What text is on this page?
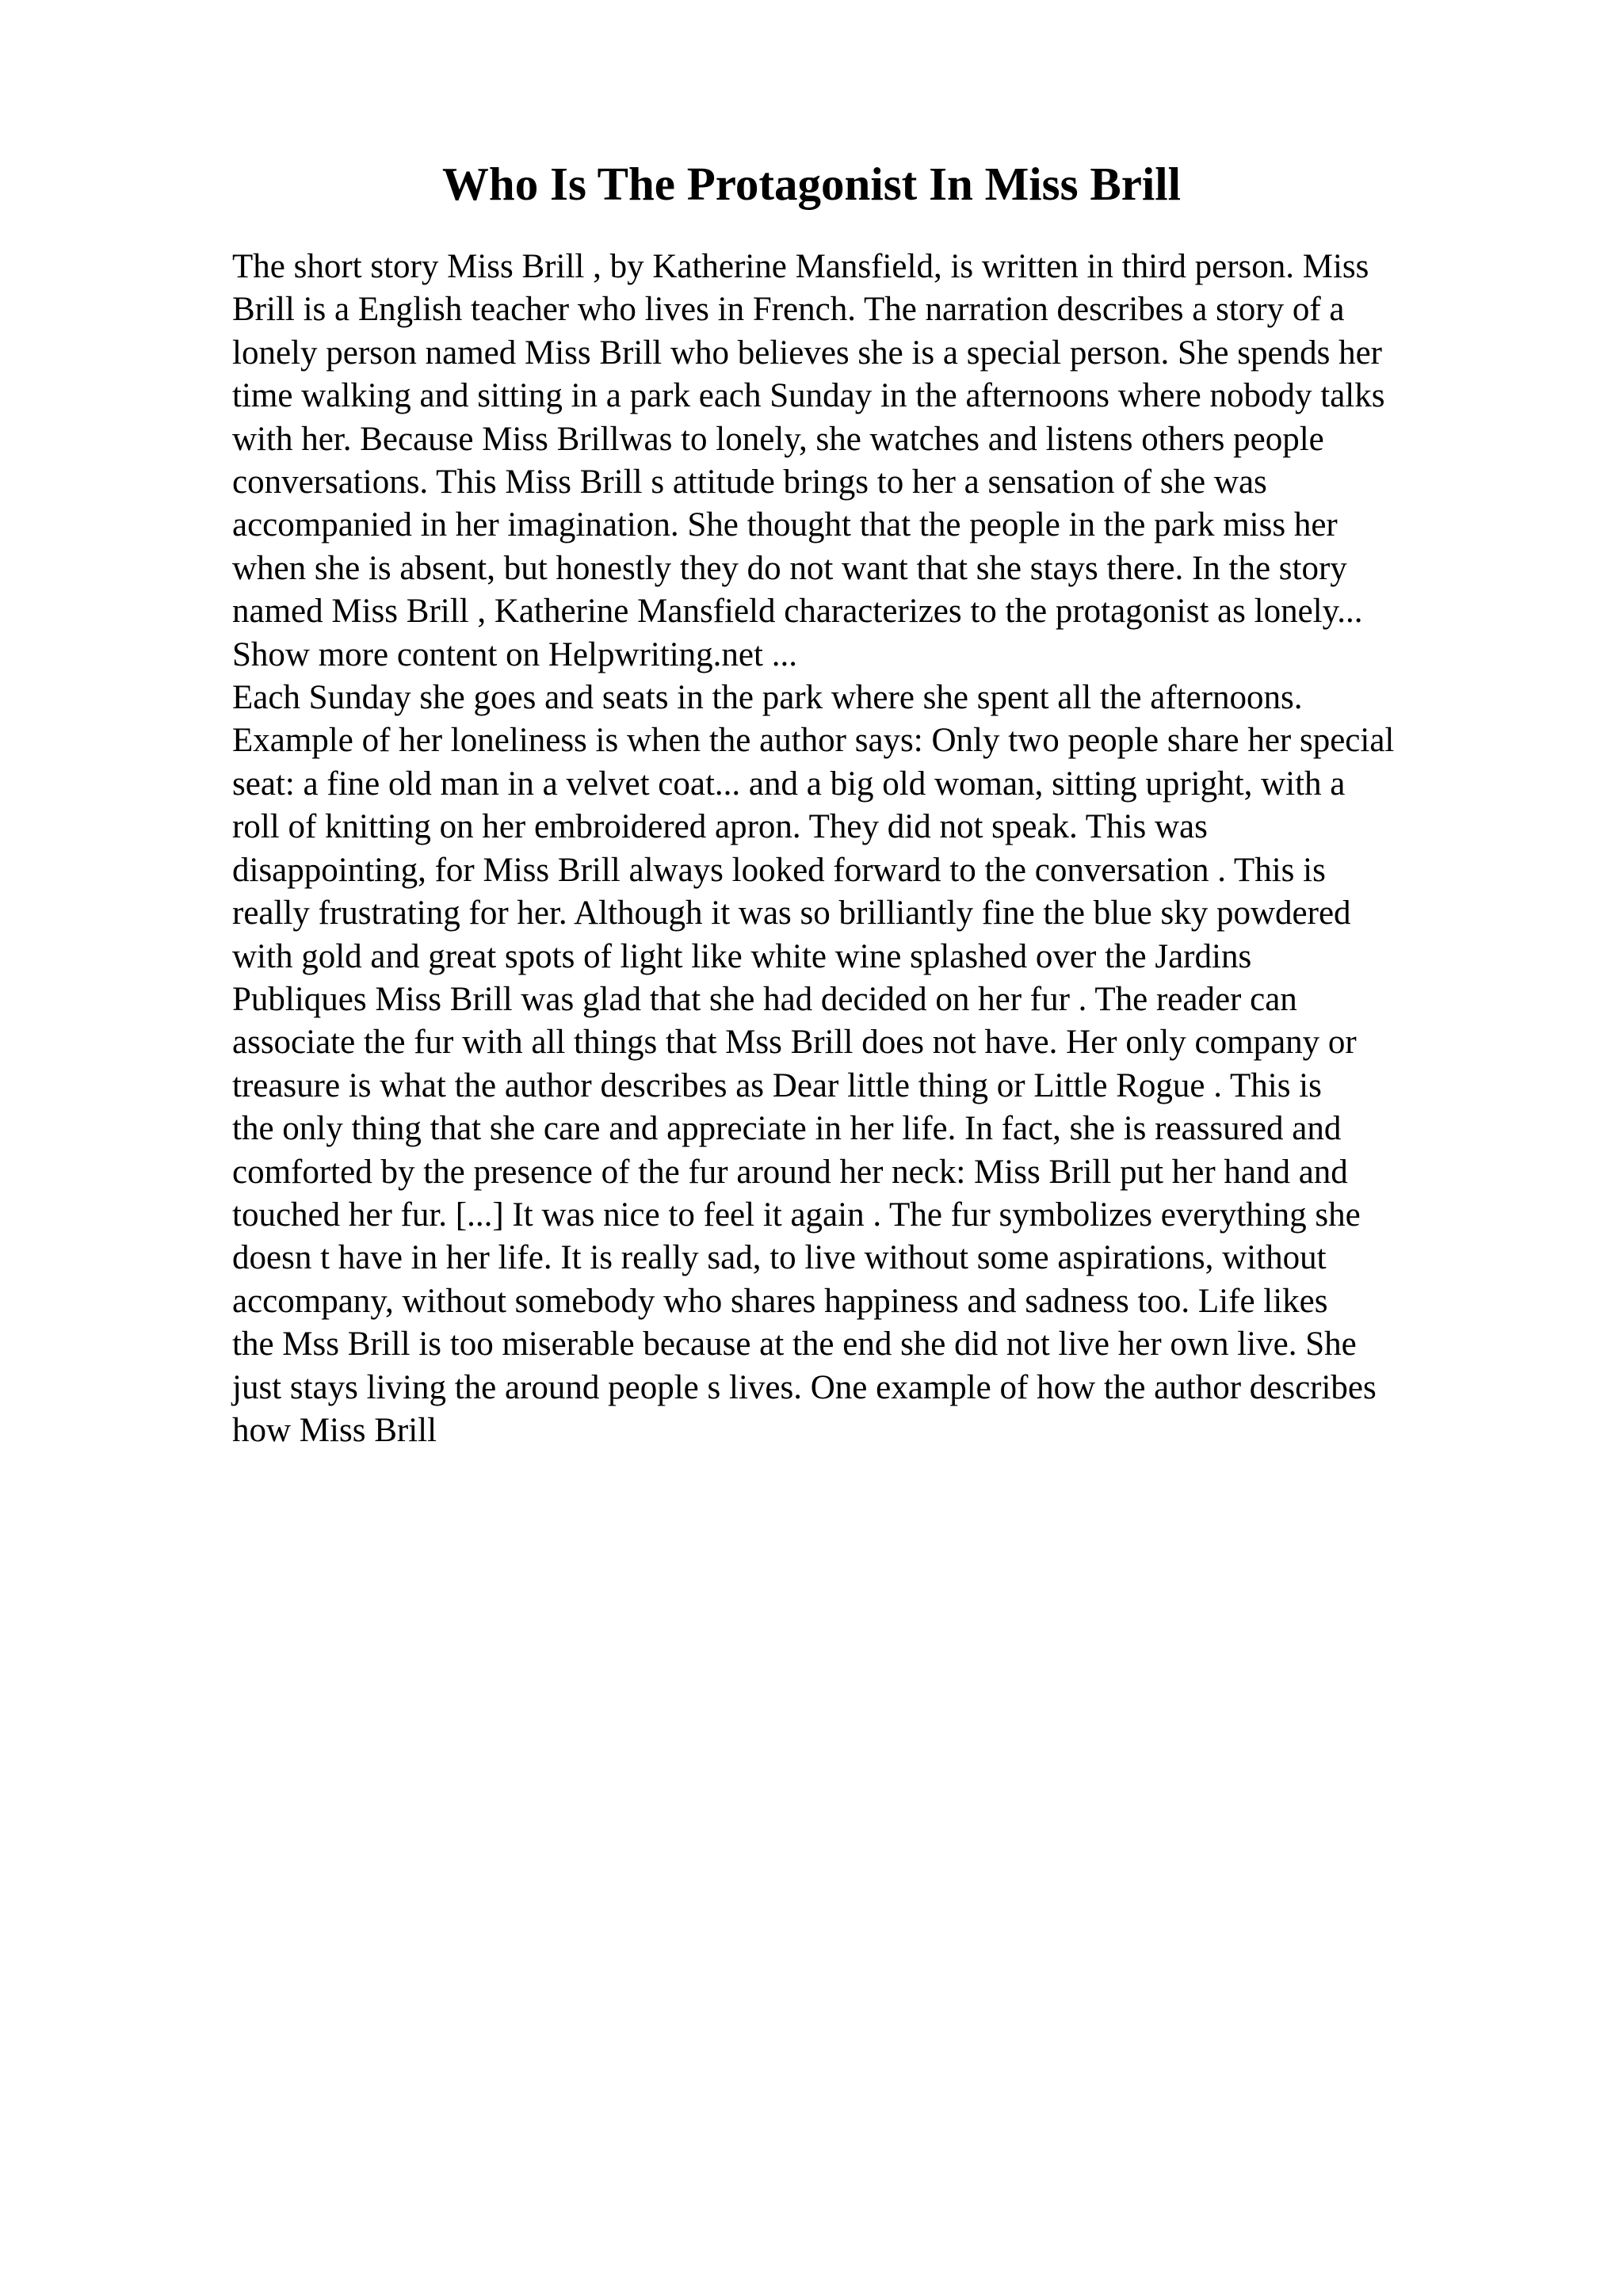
Who Is The Protagonist In Miss Brill
The short story Miss Brill , by Katherine Mansfield, is written in third person. Miss
Brill is a English teacher who lives in French. The narration describes a story of a
lonely person named Miss Brill who believes she is a special person. She spends her
time walking and sitting in a park each Sunday in the afternoons where nobody talks
with her. Because Miss Brillwas to lonely, she watches and listens others people
conversations. This Miss Brill s attitude brings to her a sensation of she was
accompanied in her imagination. She thought that the people in the park miss her
when she is absent, but honestly they do not want that she stays there. In the story
named Miss Brill , Katherine Mansfield characterizes to the protagonist as lonely...
Show more content on Helpwriting.net ...
Each Sunday she goes and seats in the park where she spent all the afternoons.
Example of her loneliness is when the author says: Only two people share her special
seat: a fine old man in a velvet coat... and a big old woman, sitting upright, with a
roll of knitting on her embroidered apron. They did not speak. This was
disappointing, for Miss Brill always looked forward to the conversation . This is
really frustrating for her. Although it was so brilliantly fine the blue sky powdered
with gold and great spots of light like white wine splashed over the Jardins
Publiques Miss Brill was glad that she had decided on her fur . The reader can
associate the fur with all things that Mss Brill does not have. Her only company or
treasure is what the author describes as Dear little thing or Little Rogue . This is
the only thing that she care and appreciate in her life. In fact, she is reassured and
comforted by the presence of the fur around her neck: Miss Brill put her hand and
touched her fur. [...] It was nice to feel it again . The fur symbolizes everything she
doesn t have in her life. It is really sad, to live without some aspirations, without
accompany, without somebody who shares happiness and sadness too. Life likes
the Mss Brill is too miserable because at the end she did not live her own live. She
just stays living the around people s lives. One example of how the author describes
how Miss Brill
